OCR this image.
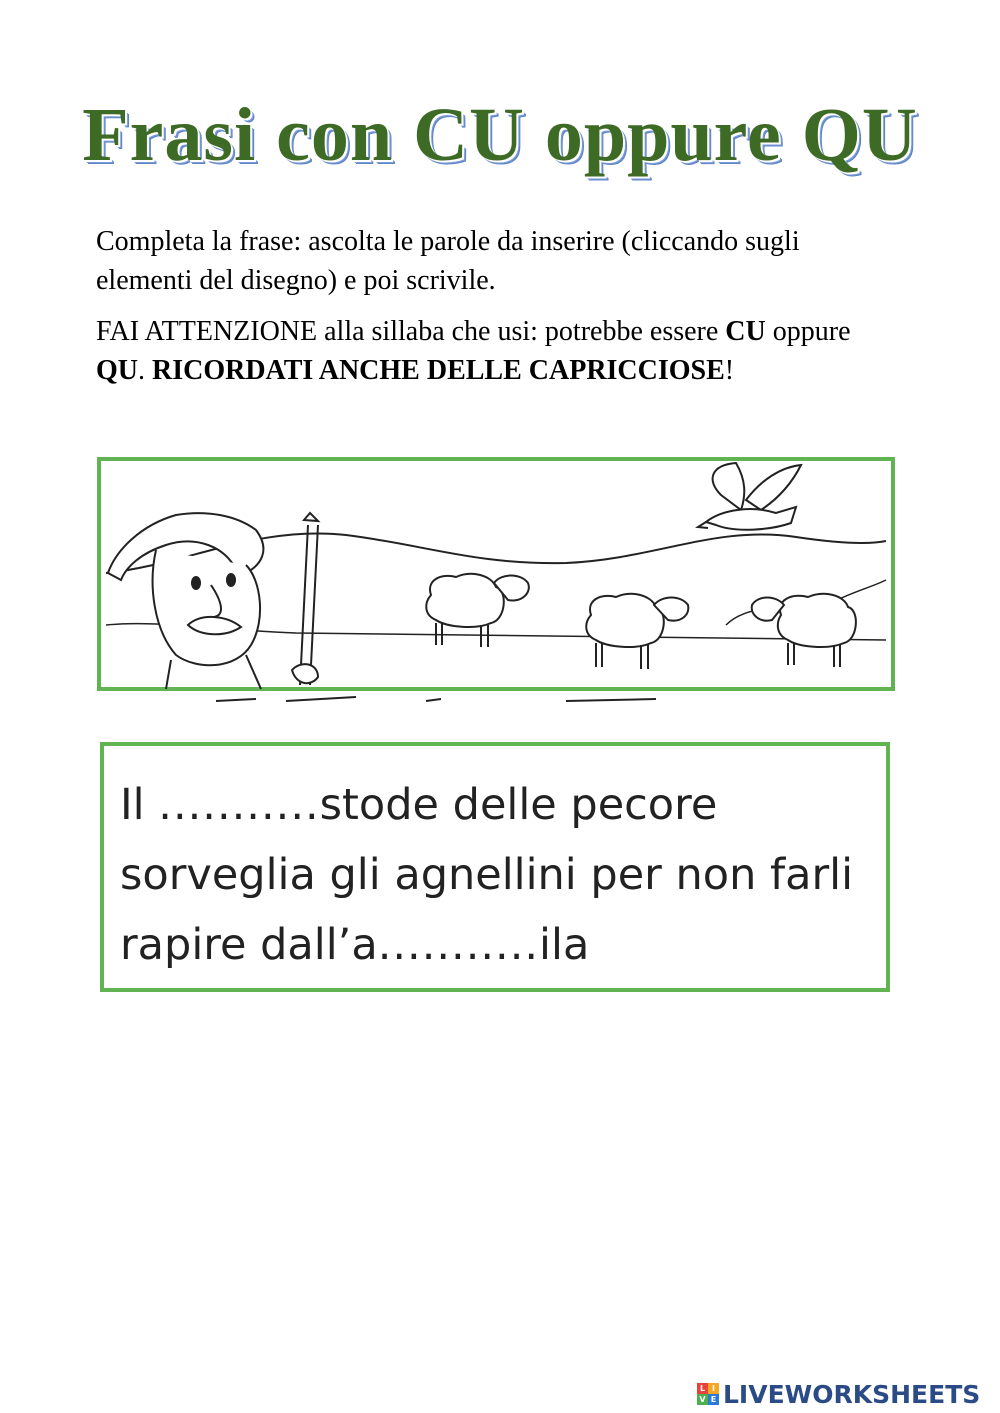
Frasi con CU oppure QU

Completa la frase: ascolta le parole da inserire (cliccando sugli elementi del disegno) e poi scrivile.

FAI ATTENZIONE alla sillaba che usi: potrebbe essere CU oppure QU. RICORDATI ANCHE DELLE CAPRICCIOSE!

Il ...........stode delle pecore sorveglia gli agnellini per non farli rapire dall’a...........ila

L I
V E LIVEWORKSHEETS
